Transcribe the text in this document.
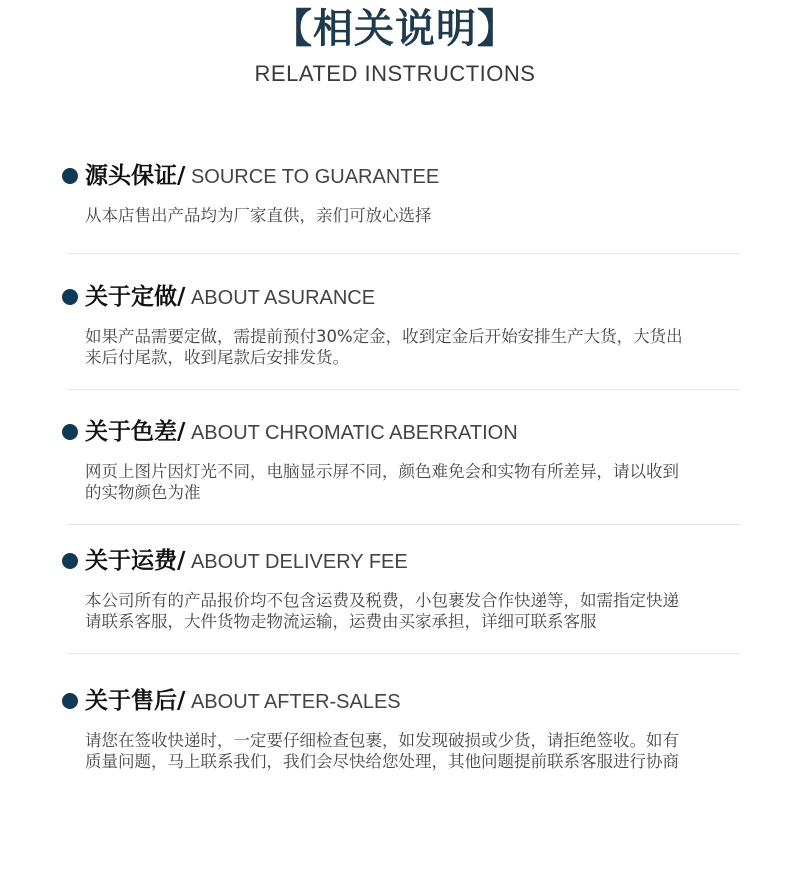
【相关说明】
RELATED INSTRUCTIONS
源头保证/ SOURCE TO GUARANTEE
从本店售出产品均为厂家直供，亲们可放心选择
关于定做/ ABOUT ASURANCE
如果产品需要定做，需提前预付30%定金，收到定金后开始安排生产大货，大货出
来后付尾款，收到尾款后安排发货。
关于色差/ ABOUT CHROMATIC ABERRATION
网页上图片因灯光不同，电脑显示屏不同，颜色难免会和实物有所差异，请以收到
的实物颜色为准
关于运费/ ABOUT DELIVERY FEE
本公司所有的产品报价均不包含运费及税费，小包裹发合作快递等，如需指定快递
请联系客服，大件货物走物流运输，运费由买家承担，详细可联系客服
关于售后/ ABOUT AFTER-SALES
请您在签收快递时，一定要仔细检查包裹，如发现破损或少货，请拒绝签收。如有
质量问题，马上联系我们，我们会尽快给您处理，其他问题提前联系客服进行协商
